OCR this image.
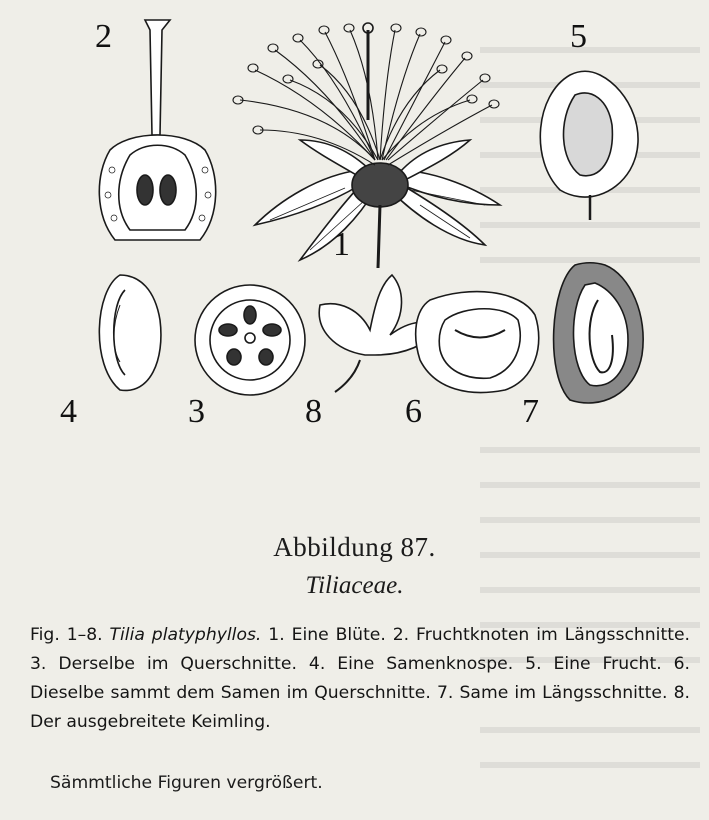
2	5
1
4	3	8 6	7
Abbildung 87.
Tiliaceae.
Fig. 1–8. Tilia platyphyllos. 1. Eine Blüte. 2. Fruchtknoten im Längsschnitte. 3. Derselbe im Querschnitte. 4. Eine Samenknospe. 5. Eine Frucht. 6. Dieselbe sammt dem Samen im Querschnitte. 7. Same im Längsschnitte. 8. Der ausgebreitete Keimling.
Sämmtliche Figuren vergrößert.
